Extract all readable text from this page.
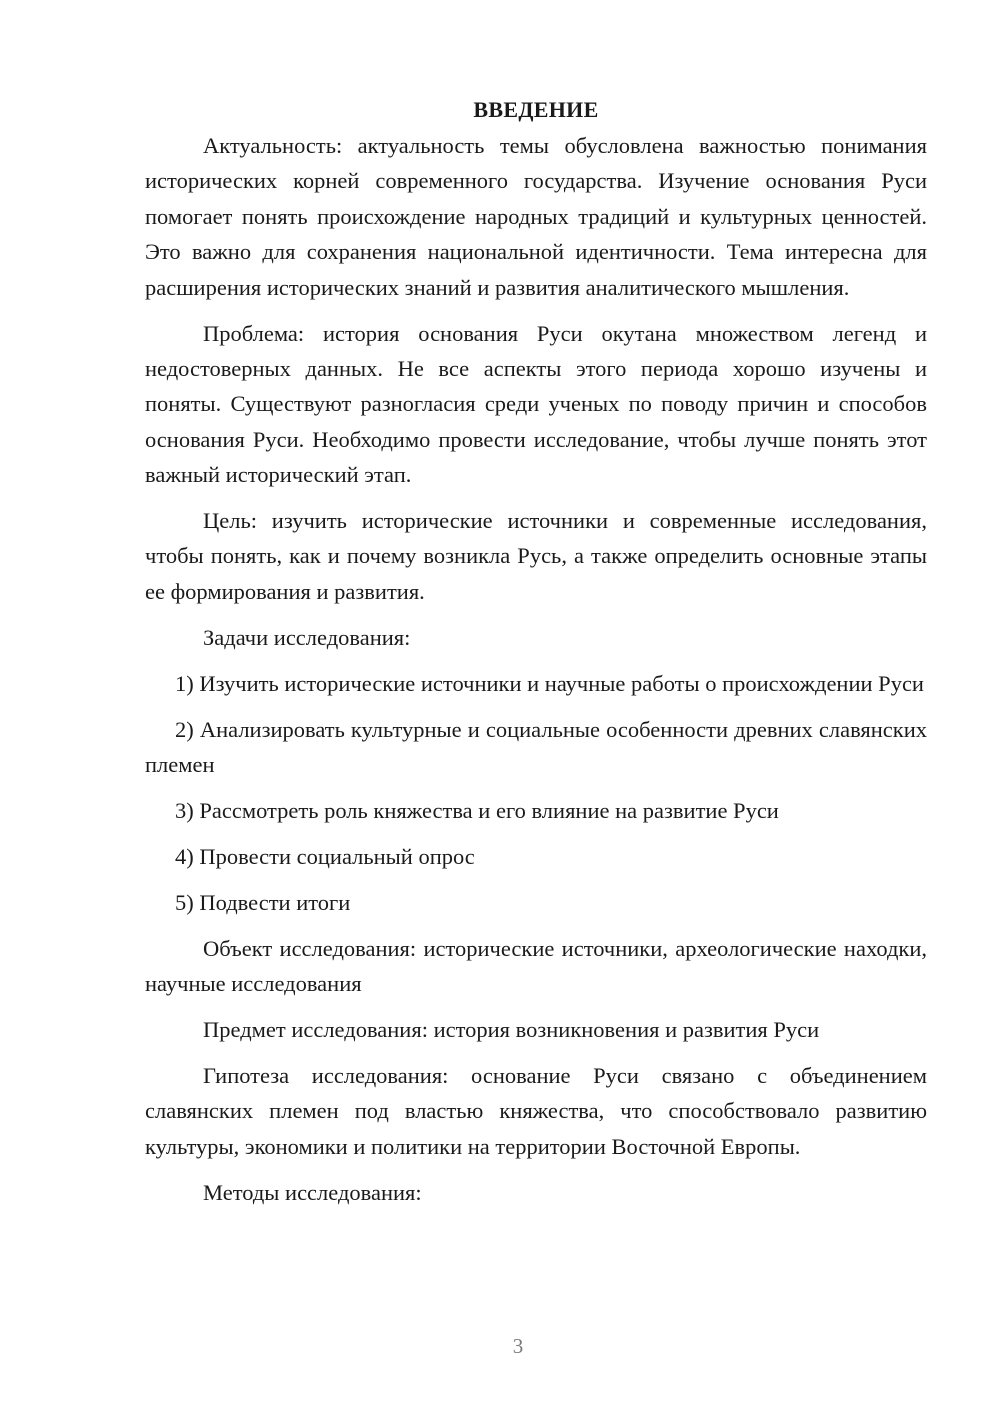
ВВЕДЕНИЕ

Актуальность: актуальность темы обусловлена важностью понимания исторических корней современного государства. Изучение основания Руси помогает понять происхождение народных традиций и культурных ценностей. Это важно для сохранения национальной идентичности. Тема интересна для расширения исторических знаний и развития аналитического мышления.

Проблема: история основания Руси окутана множеством легенд и недостоверных данных. Не все аспекты этого периода хорошо изучены и поняты. Существуют разногласия среди ученых по поводу причин и способов основания Руси. Необходимо провести исследование, чтобы лучше понять этот важный исторический этап.

Цель: изучить исторические источники и современные исследования, чтобы понять, как и почему возникла Русь, а также определить основные этапы ее формирования и развития.

Задачи исследования:

1) Изучить исторические источники и научные работы о происхождении Руси

2) Анализировать культурные и социальные особенности древних славянских племен

3) Рассмотреть роль княжества и его влияние на развитие Руси

4) Провести социальный опрос

5) Подвести итоги

Объект исследования: исторические источники, археологические находки, научные исследования

Предмет исследования: история возникновения и развития Руси

Гипотеза исследования: основание Руси связано с объединением славянских племен под властью княжества, что способствовало развитию культуры, экономики и политики на территории Восточной Европы.

Методы исследования:

3
